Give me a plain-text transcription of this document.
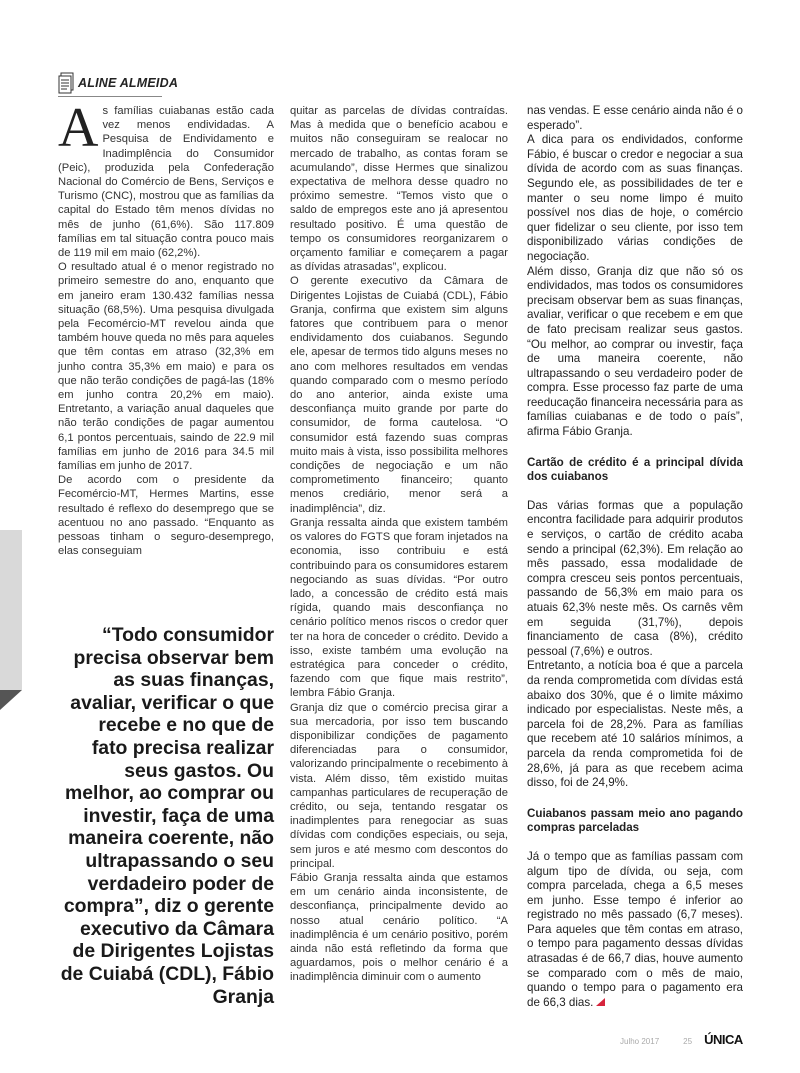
ALINE ALMEIDA

As famílias cuiabanas estão cada vez menos endividadas. A Pesquisa de Endividamento e Inadimplência do Consumidor (Peic), produzida pela Confederação Nacional do Comércio de Bens, Serviços e Turismo (CNC), mostrou que as famílias da capital do Estado têm menos dívidas no mês de junho (61,6%). São 117.809 famílias em tal situação contra pouco mais de 119 mil em maio (62,2%).

O resultado atual é o menor registrado no primeiro semestre do ano, enquanto que em janeiro eram 130.432 famílias nessa situação (68,5%). Uma pesquisa divulgada pela Fecomércio-MT revelou ainda que também houve queda no mês para aqueles que têm contas em atraso (32,3% em junho contra 35,3% em maio) e para os que não terão condições de pagá-las (18% em junho contra 20,2% em maio). Entretanto, a variação anual daqueles que não terão condições de pagar aumentou 6,1 pontos percentuais, saindo de 22.9 mil famílias em junho de 2016 para 34.5 mil famílias em junho de 2017.

De acordo com o presidente da Fecomércio-MT, Hermes Martins, esse resultado é reflexo do desemprego que se acentuou no ano passado. “Enquanto as pessoas tinham o seguro-desemprego, elas conseguiam

“Todo consumidor precisa observar bem as suas finanças, avaliar, verificar o que recebe e no que de fato precisa realizar seus gastos. Ou melhor, ao comprar ou investir, faça de uma maneira coerente, não ultrapassando o seu verdadeiro poder de compra”, diz o gerente executivo da Câmara de Dirigentes Lojistas de Cuiabá (CDL), Fábio Granja

quitar as parcelas de dívidas contraídas. Mas à medida que o benefício acabou e muitos não conseguiram se realocar no mercado de trabalho, as contas foram se acumulando”, disse Hermes que sinalizou expectativa de melhora desse quadro no próximo semestre. “Temos visto que o saldo de empregos este ano já apresentou resultado positivo. É uma questão de tempo os consumidores reorganizarem o orçamento familiar e começarem a pagar as dívidas atrasadas”, explicou.

O gerente executivo da Câmara de Dirigentes Lojistas de Cuiabá (CDL), Fábio Granja, confirma que existem sim alguns fatores que contribuem para o menor endividamento dos cuiabanos. Segundo ele, apesar de termos tido alguns meses no ano com melhores resultados em vendas quando comparado com o mesmo período do ano anterior, ainda existe uma desconfiança muito grande por parte do consumidor, de forma cautelosa. “O consumidor está fazendo suas compras muito mais à vista, isso possibilita melhores condições de negociação e um não comprometimento financeiro; quanto menos crediário, menor será a inadimplência”, diz.

Granja ressalta ainda que existem também os valores do FGTS que foram injetados na economia, isso contribuiu e está contribuindo para os consumidores estarem negociando as suas dívidas. “Por outro lado, a concessão de crédito está mais rígida, quando mais desconfiança no cenário político menos riscos o credor quer ter na hora de conceder o crédito. Devido a isso, existe também uma evolução na estratégica para conceder o crédito, fazendo com que fique mais restrito”, lembra Fábio Granja.

Granja diz que o comércio precisa girar a sua mercadoria, por isso tem buscando disponibilizar condições de pagamento diferenciadas para o consumidor, valorizando principalmente o recebimento à vista. Além disso, têm existido muitas campanhas particulares de recuperação de crédito, ou seja, tentando resgatar os inadimplentes para renegociar as suas dívidas com condições especiais, ou seja, sem juros e até mesmo com descontos do principal.

Fábio Granja ressalta ainda que estamos em um cenário ainda inconsistente, de desconfiança, principalmente devido ao nosso atual cenário político. “A inadimplência é um cenário positivo, porém ainda não está refletindo da forma que aguardamos, pois o melhor cenário é a inadimplência diminuir com o aumento

nas vendas. E esse cenário ainda não é o esperado”.

A dica para os endividados, conforme Fábio, é buscar o credor e negociar a sua dívida de acordo com as suas finanças. Segundo ele, as possibilidades de ter e manter o seu nome limpo é muito possível nos dias de hoje, o comércio quer fidelizar o seu cliente, por isso tem disponibilizado várias condições de negociação.

Além disso, Granja diz que não só os endividados, mas todos os consumidores precisam observar bem as suas finanças, avaliar, verificar o que recebem e em que de fato precisam realizar seus gastos. “Ou melhor, ao comprar ou investir, faça de uma maneira coerente, não ultrapassando o seu verdadeiro poder de compra. Esse processo faz parte de uma reeducação financeira necessária para as famílias cuiabanas e de todo o país”, afirma Fábio Granja.

Cartão de crédito é a principal dívida dos cuiabanos

Das várias formas que a população encontra facilidade para adquirir produtos e serviços, o cartão de crédito acaba sendo a principal (62,3%). Em relação ao mês passado, essa modalidade de compra cresceu seis pontos percentuais, passando de 56,3% em maio para os atuais 62,3% neste mês. Os carnês vêm em seguida (31,7%), depois financiamento de casa (8%), crédito pessoal (7,6%) e outros.

Entretanto, a notícia boa é que a parcela da renda comprometida com dívidas está abaixo dos 30%, que é o limite máximo indicado por especialistas. Neste mês, a parcela foi de 28,2%. Para as famílias que recebem até 10 salários mínimos, a parcela da renda comprometida foi de 28,6%, já para as que recebem acima disso, foi de 24,9%.

Cuiabanos passam meio ano pagando compras parceladas

Já o tempo que as famílias passam com algum tipo de dívida, ou seja, com compra parcelada, chega a 6,5 meses em junho. Esse tempo é inferior ao registrado no mês passado (6,7 meses). Para aqueles que têm contas em atraso, o tempo para pagamento dessas dívidas atrasadas é de 66,7 dias, houve aumento se comparado com o mês de maio, quando o tempo para o pagamento era de 66,3 dias.

Julho 2017	25 ÚNICA
